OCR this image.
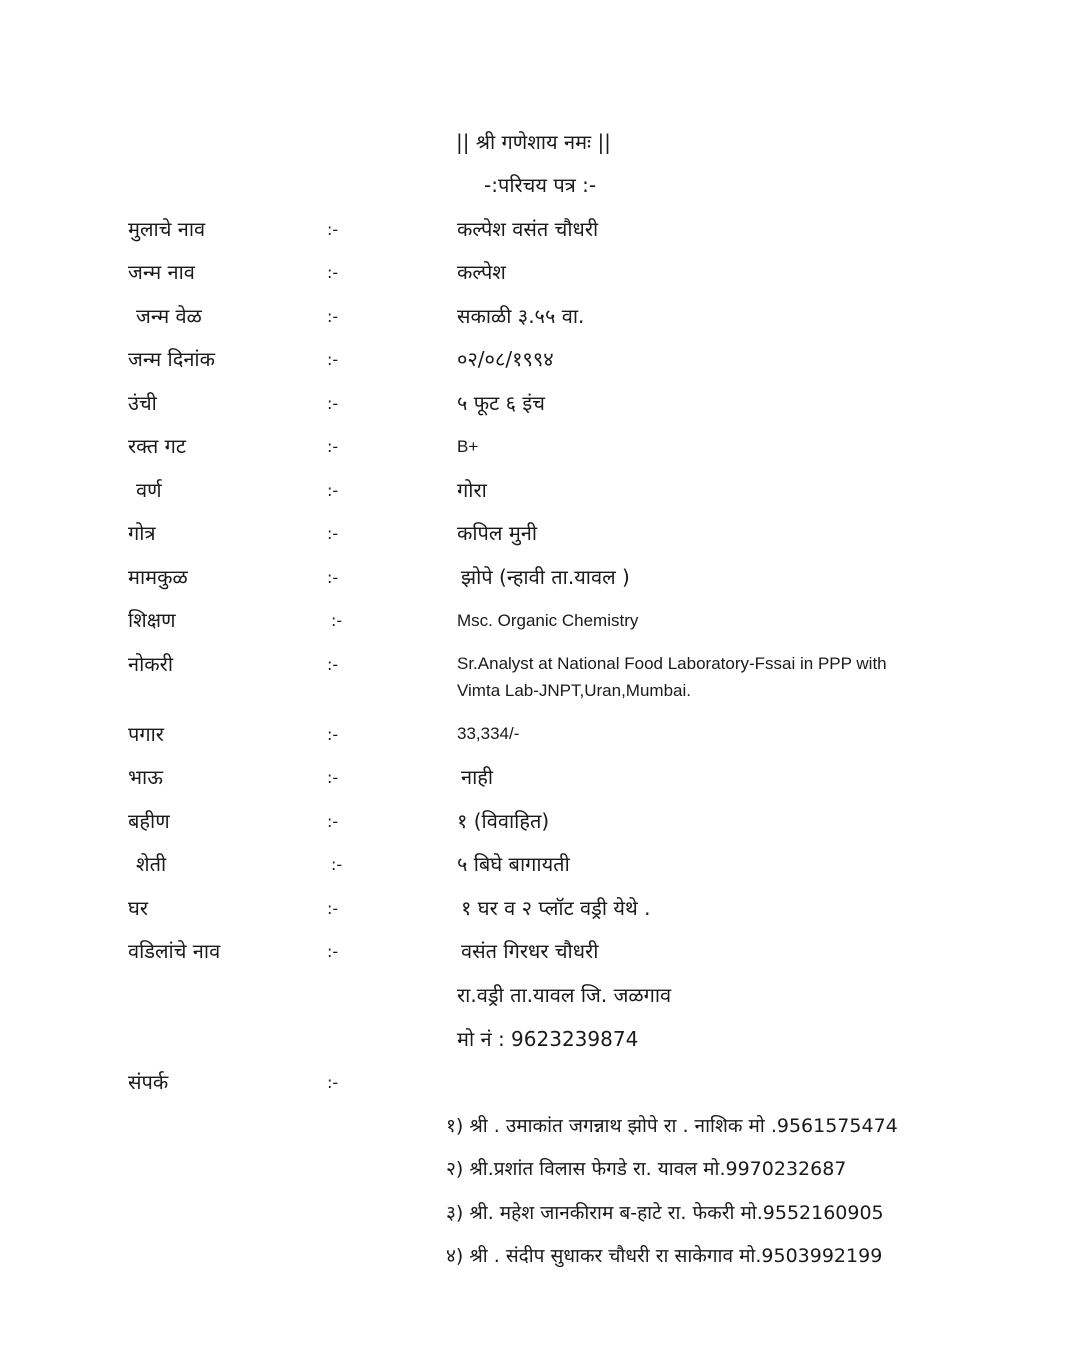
|| श्री गणेशाय नमः ||
-:परिचय पत्र :-
मुलाचे नाव	:-	कल्पेश वसंत चौधरी
जन्म नाव	:-	कल्पेश
जन्म वेळ	:-	सकाळी ३.५५ वा.
जन्म दिनांक	:-	०२/०८/१९९४
उंची	:-	५ फूट ६ इंच
रक्त गट	:-	B+
वर्ण	:-	गोरा
गोत्र	:-	कपिल मुनी
मामकुळ	:-	झोपे (न्हावी ता.यावल )
शिक्षण	:-	Msc. Organic Chemistry
नोकरी	:-	Sr.Analyst at National Food Laboratory-Fssai in PPP with Vimta Lab-JNPT,Uran,Mumbai.
पगार	:-	33,334/-
भाऊ	:-	नाही
बहीण	:-	१ (विवाहित)
शेती	:-	५ बिघे बागायती
घर	:-	१ घर व २ प्लॉट वड्री येथे .
वडिलांचे नाव	:-	वसंत गिरधर चौधरी
रा.वड्री ता.यावल जि. जळगाव
मो नं : 9623239874
संपर्क	:-
१) श्री . उमाकांत जगन्नाथ झोपे रा . नाशिक मो .9561575474
२) श्री.प्रशांत विलास फेगडे रा. यावल मो.9970232687
३) श्री. महेश जानकीराम ब-हाटे रा. फेकरी मो.9552160905
४) श्री . संदीप सुधाकर चौधरी रा साकेगाव मो.9503992199
